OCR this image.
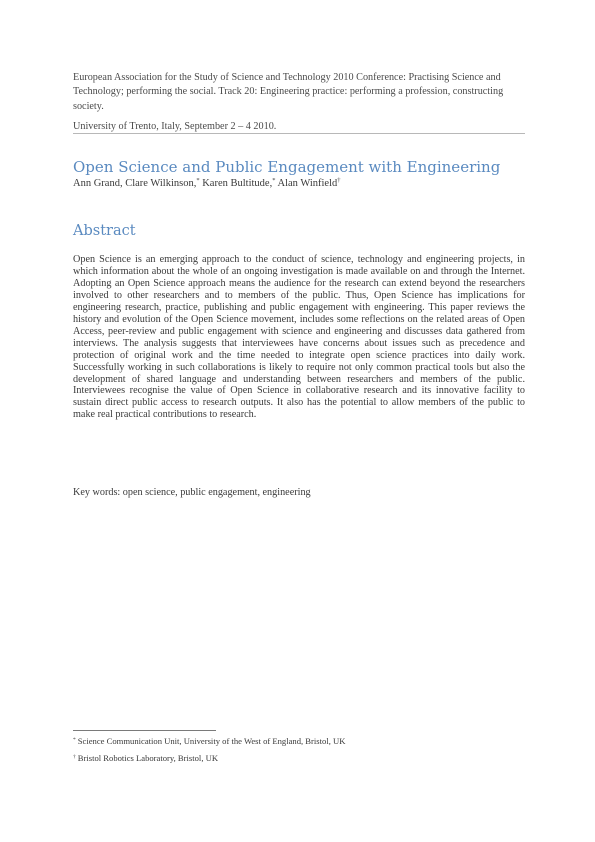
European Association for the Study of Science and Technology 2010 Conference: Practising Science and Technology; performing the social. Track 20: Engineering practice: performing a profession, constructing society.

University of Trento, Italy, September 2 – 4 2010.

Open Science and Public Engagement with Engineering
Ann Grand, Clare Wilkinson,* Karen Bultitude,* Alan Winfield†
Abstract

Open Science is an emerging approach to the conduct of science, technology and engineering projects, in which information about the whole of an ongoing investigation is made available on and through the Internet. Adopting an Open Science approach means the audience for the research can extend beyond the researchers involved to other researchers and to members of the public. Thus, Open Science has implications for engineering research, practice, publishing and public engagement with engineering. This paper reviews the history and evolution of the Open Science movement, includes some reflections on the related areas of Open Access, peer-review and public engagement with science and engineering and discusses data gathered from interviews. The analysis suggests that interviewees have concerns about issues such as precedence and protection of original work and the time needed to integrate open science practices into daily work. Successfully working in such collaborations is likely to require not only common practical tools but also the development of shared language and understanding between researchers and members of the public. Interviewees recognise the value of Open Science in collaborative research and its innovative facility to sustain direct public access to research outputs. It also has the potential to allow members of the public to make real practical contributions to research.

Key words: open science, public engagement, engineering

* Science Communication Unit, University of the West of England, Bristol, UK

† Bristol Robotics Laboratory, Bristol, UK
